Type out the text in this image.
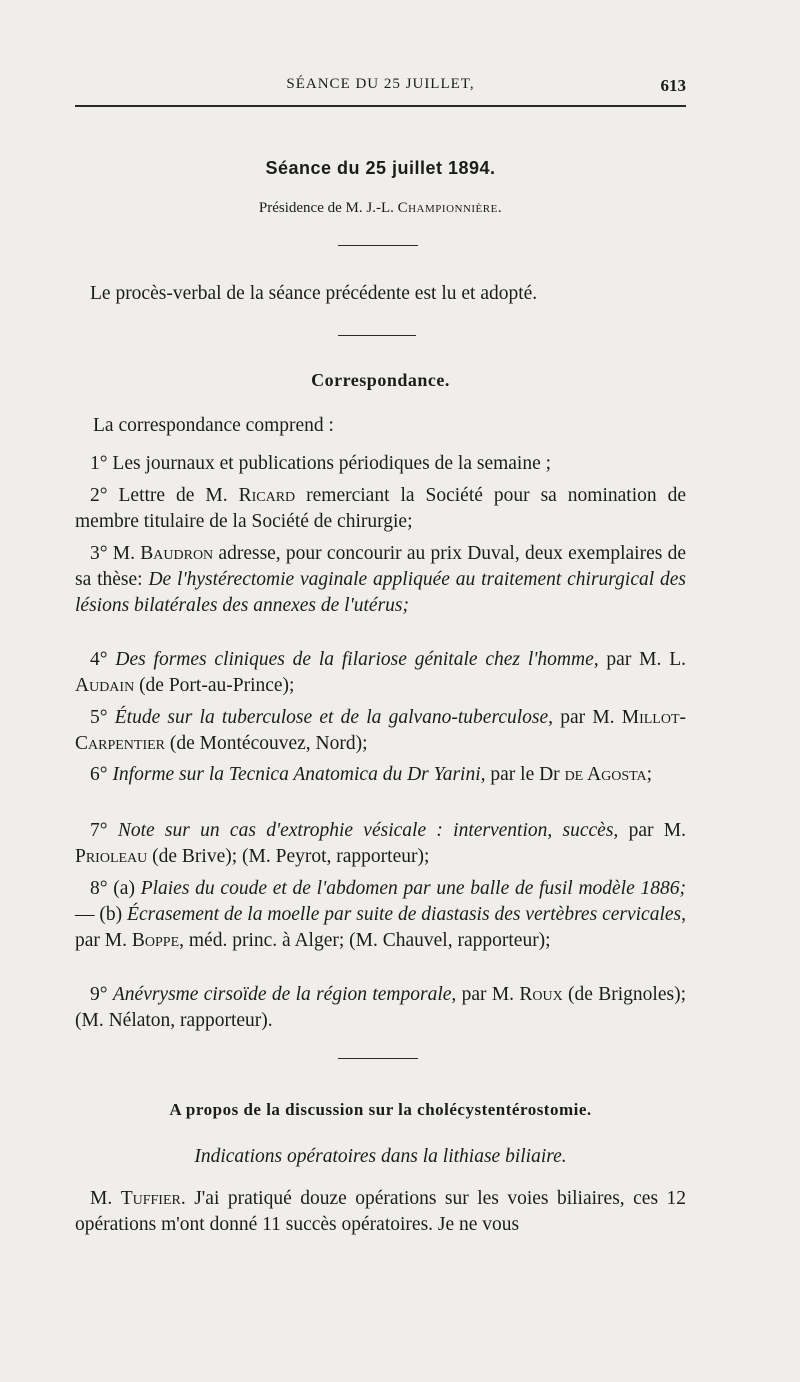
SÉANCE DU 25 JUILLET,	613
Séance du 25 juillet 1894.
Présidence de M. J.-L. Championnière.
Le procès-verbal de la séance précédente est lu et adopté.
Correspondance.
La correspondance comprend :
1° Les journaux et publications périodiques de la semaine ;
2° Lettre de M. Ricard remerciant la Société pour sa nomination de membre titulaire de la Société de chirurgie;
3° M. Baudron adresse, pour concourir au prix Duval, deux exemplaires de sa thèse: De l'hystérectomie vaginale appliquée au traitement chirurgical des lésions bilatérales des annexes de l'utérus;
4° Des formes cliniques de la filariose génitale chez l'homme, par M. L. Audain (de Port-au-Prince);
5° Étude sur la tuberculose et de la galvano-tuberculose, par M. Millot-Carpentier (de Montécouvez, Nord);
6° Informe sur la Tecnica Anatomica du Dr Yarini, par le Dr de Agosta;
7° Note sur un cas d'extrophie vésicale : intervention, succès, par M. Prioleau (de Brive); (M. Peyrot, rapporteur);
8° (a) Plaies du coude et de l'abdomen par une balle de fusil modèle 1886; — (b) Écrasement de la moelle par suite de diastasis des vertèbres cervicales, par M. Boppe, méd. princ. à Alger; (M. Chauvel, rapporteur);
9° Anévrysme cirsoïde de la région temporale, par M. Roux (de Brignoles); (M. Nélaton, rapporteur).
A propos de la discussion sur la cholécystentérostomie.
Indications opératoires dans la lithiase biliaire.
M. Tuffier. J'ai pratiqué douze opérations sur les voies biliaires, ces 12 opérations m'ont donné 11 succès opératoires. Je ne vous
